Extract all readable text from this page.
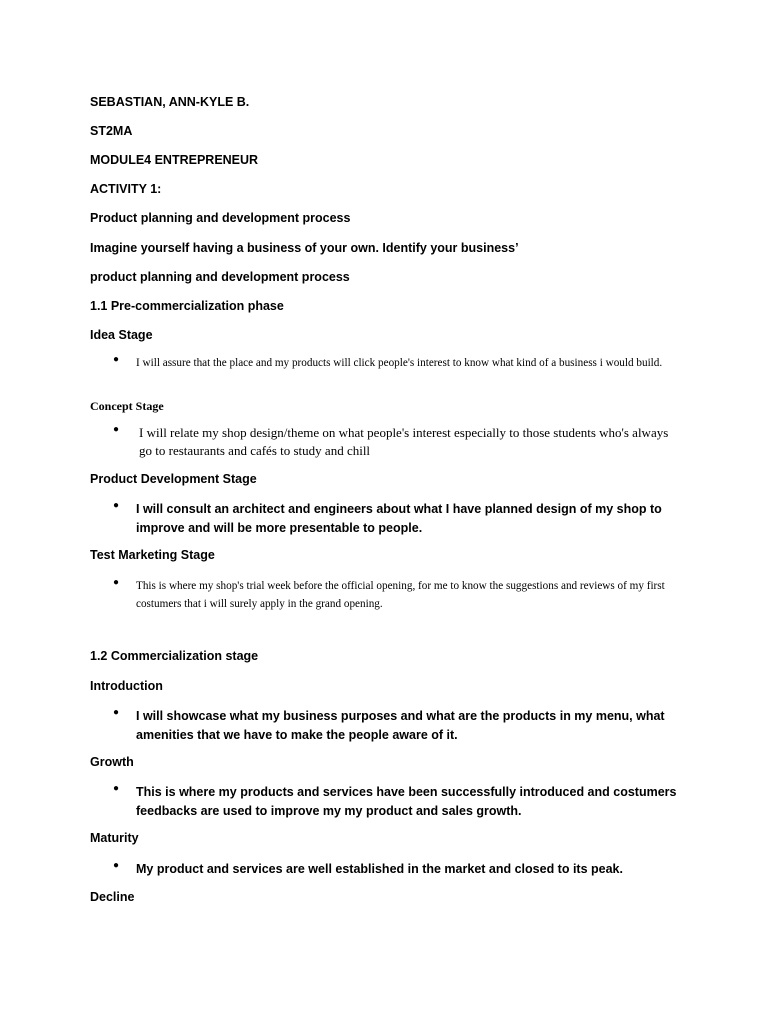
SEBASTIAN, ANN-KYLE B.
ST2MA
MODULE4 ENTREPRENEUR
ACTIVITY 1:
Product planning and development process
Imagine yourself having a business of your own. Identify your business’
product planning and development process
1.1 Pre-commercialization phase
Idea Stage
● I will assure that the place and my products will click people's interest to know what kind of a business i would build.
Concept Stage
● I will relate my shop design/theme on what people's interest especially to those students who's always go to restaurants and cafés to study and chill
Product Development Stage
● I will consult an architect and engineers about what I have planned design of my shop to improve and will be more presentable to people.
Test Marketing Stage
● This is where my shop's trial week before the official opening, for me to know the suggestions and reviews of my first costumers that i will surely apply in the grand opening.
1.2 Commercialization stage
Introduction
● I will showcase what my business purposes and what are the products in my menu, what amenities that we have to make the people aware of it.
Growth
● This is where my products and services have been successfully introduced and costumers feedbacks are used to improve my my product and sales growth.
Maturity
● My product and services are well established in the market and closed to its peak.
Decline
